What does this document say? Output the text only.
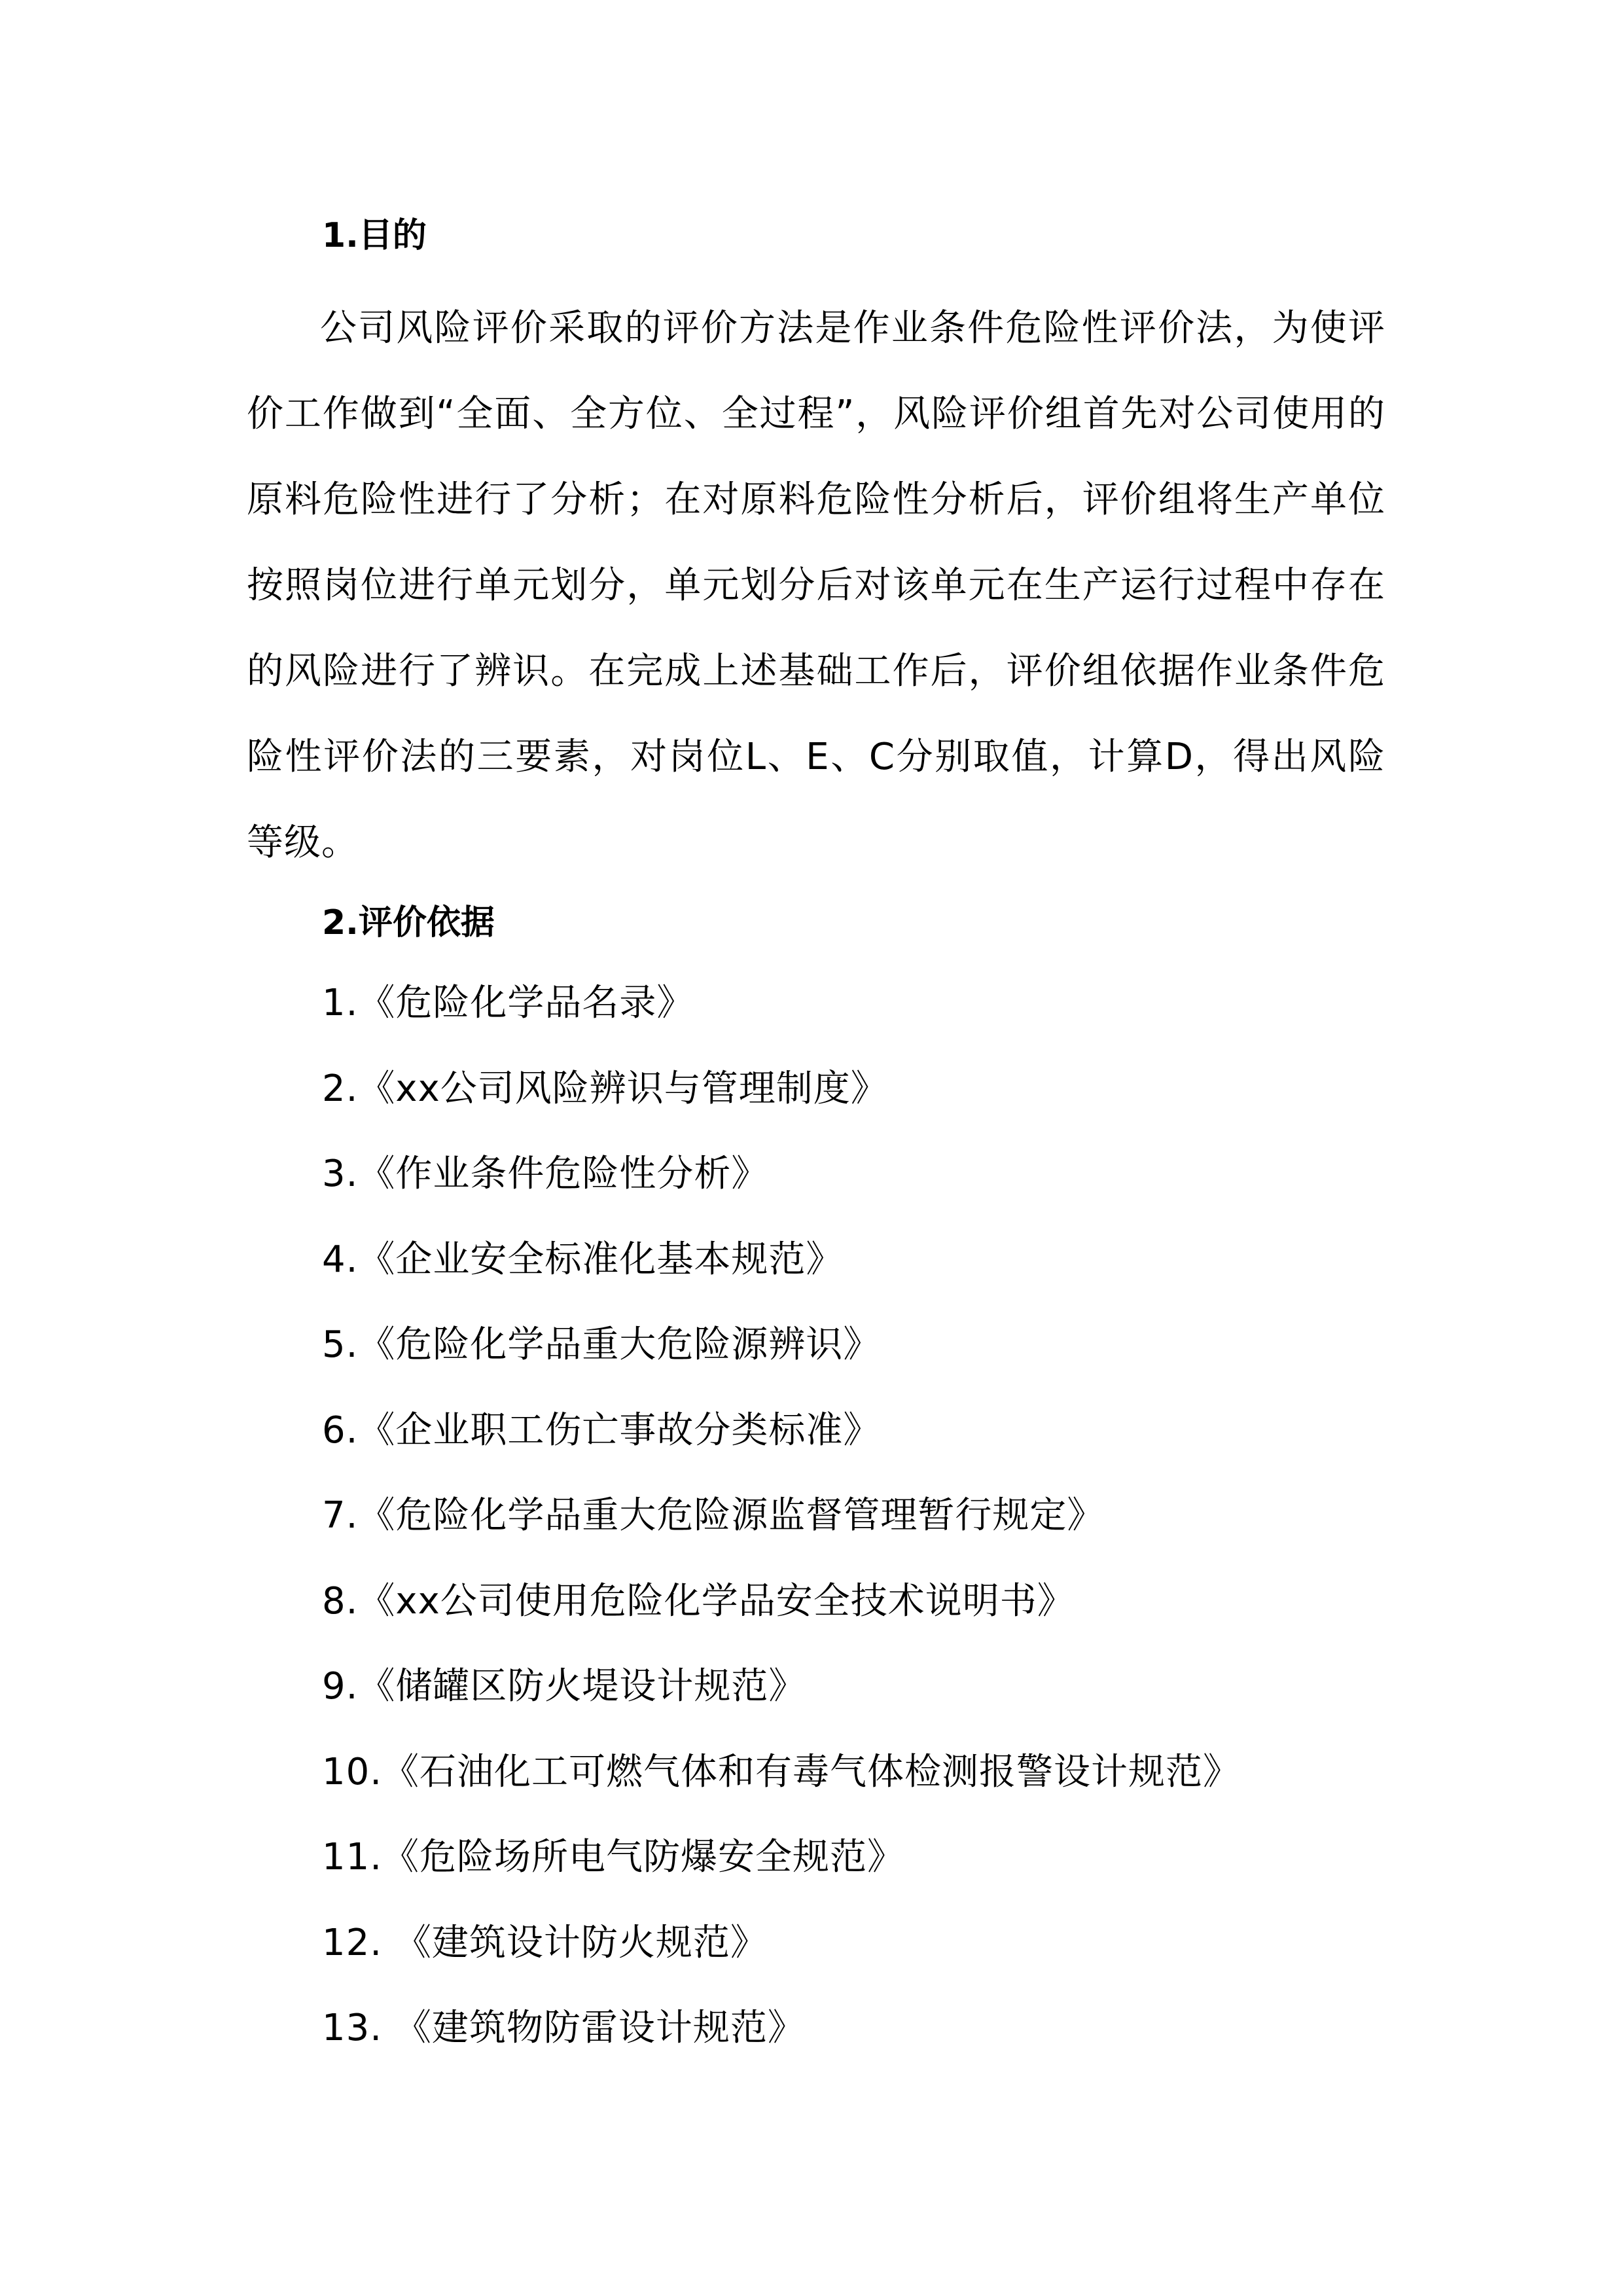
1.目的
公司风险评价采取的评价方法是作业条件危险性评价法，为使评价工作做到“全面、全方位、全过程”，风险评价组首先对公司使用的原料危险性进行了分析；在对原料危险性分析后，评价组将生产单位按照岗位进行单元划分，单元划分后对该单元在生产运行过程中存在的风险进行了辨识。在完成上述基础工作后，评价组依据作业条件危险性评价法的三要素，对岗位L、E、C分别取值，计算D，得出风险等级。
2.评价依据
1.《危险化学品名录》
2.《xx公司风险辨识与管理制度》
3.《作业条件危险性分析》
4.《企业安全标准化基本规范》
5.《危险化学品重大危险源辨识》
6.《企业职工伤亡事故分类标准》
7.《危险化学品重大危险源监督管理暂行规定》
8.《xx公司使用危险化学品安全技术说明书》
9.《储罐区防火堤设计规范》
10.《石油化工可燃气体和有毒气体检测报警设计规范》
11.《危险场所电气防爆安全规范》
12. 《建筑设计防火规范》
13. 《建筑物防雷设计规范》
